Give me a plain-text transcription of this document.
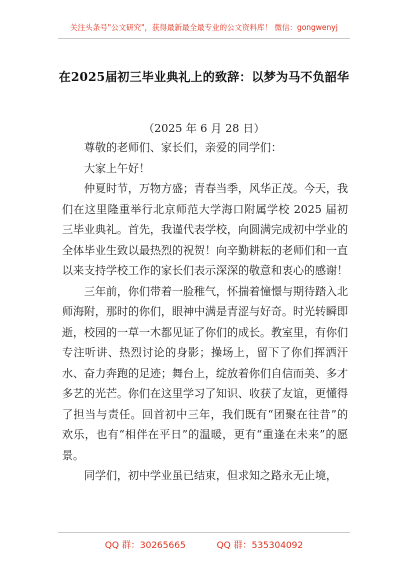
关注头条号"公文研究"，获得最新最全最专业的公文资料库！ 微信：gongwenyj
在2025届初三毕业典礼上的致辞：以梦为马不负韶华
（2025 年 6 月 28 日）

尊敬的老师们、家长们，亲爱的同学们：

大家上午好！

仲夏时节，万物方盛；青春当季，风华正茂。今天，我们在这里隆重举行北京师范大学海口附属学校 2025 届初三毕业典礼。首先，我谨代表学校，向圆满完成初中学业的全体毕业生致以最热烈的祝贺！向辛勤耕耘的老师们和一直以来支持学校工作的家长们表示深深的敬意和衷心的感谢！

三年前，你们带着一脸稚气，怀揣着憧憬与期待踏入北师海附，那时的你们，眼神中满是青涩与好奇。时光转瞬即逝，校园的一草一木都见证了你们的成长。教室里，有你们专注听讲、热烈讨论的身影；操场上，留下了你们挥洒汗水、奋力奔跑的足迹；舞台上，绽放着你们自信而美、多才多艺的光芒。你们在这里学习了知识、收获了友谊，更懂得了担当与责任。回首初中三年，我们既有“团聚在往昔”的欢乐，也有“相伴在平日”的温暖，更有“重逢在未来”的愿景。

同学们，初中学业虽已结束，但求知之路永无止境，

QQ 群：30265665	QQ 群：535304092
